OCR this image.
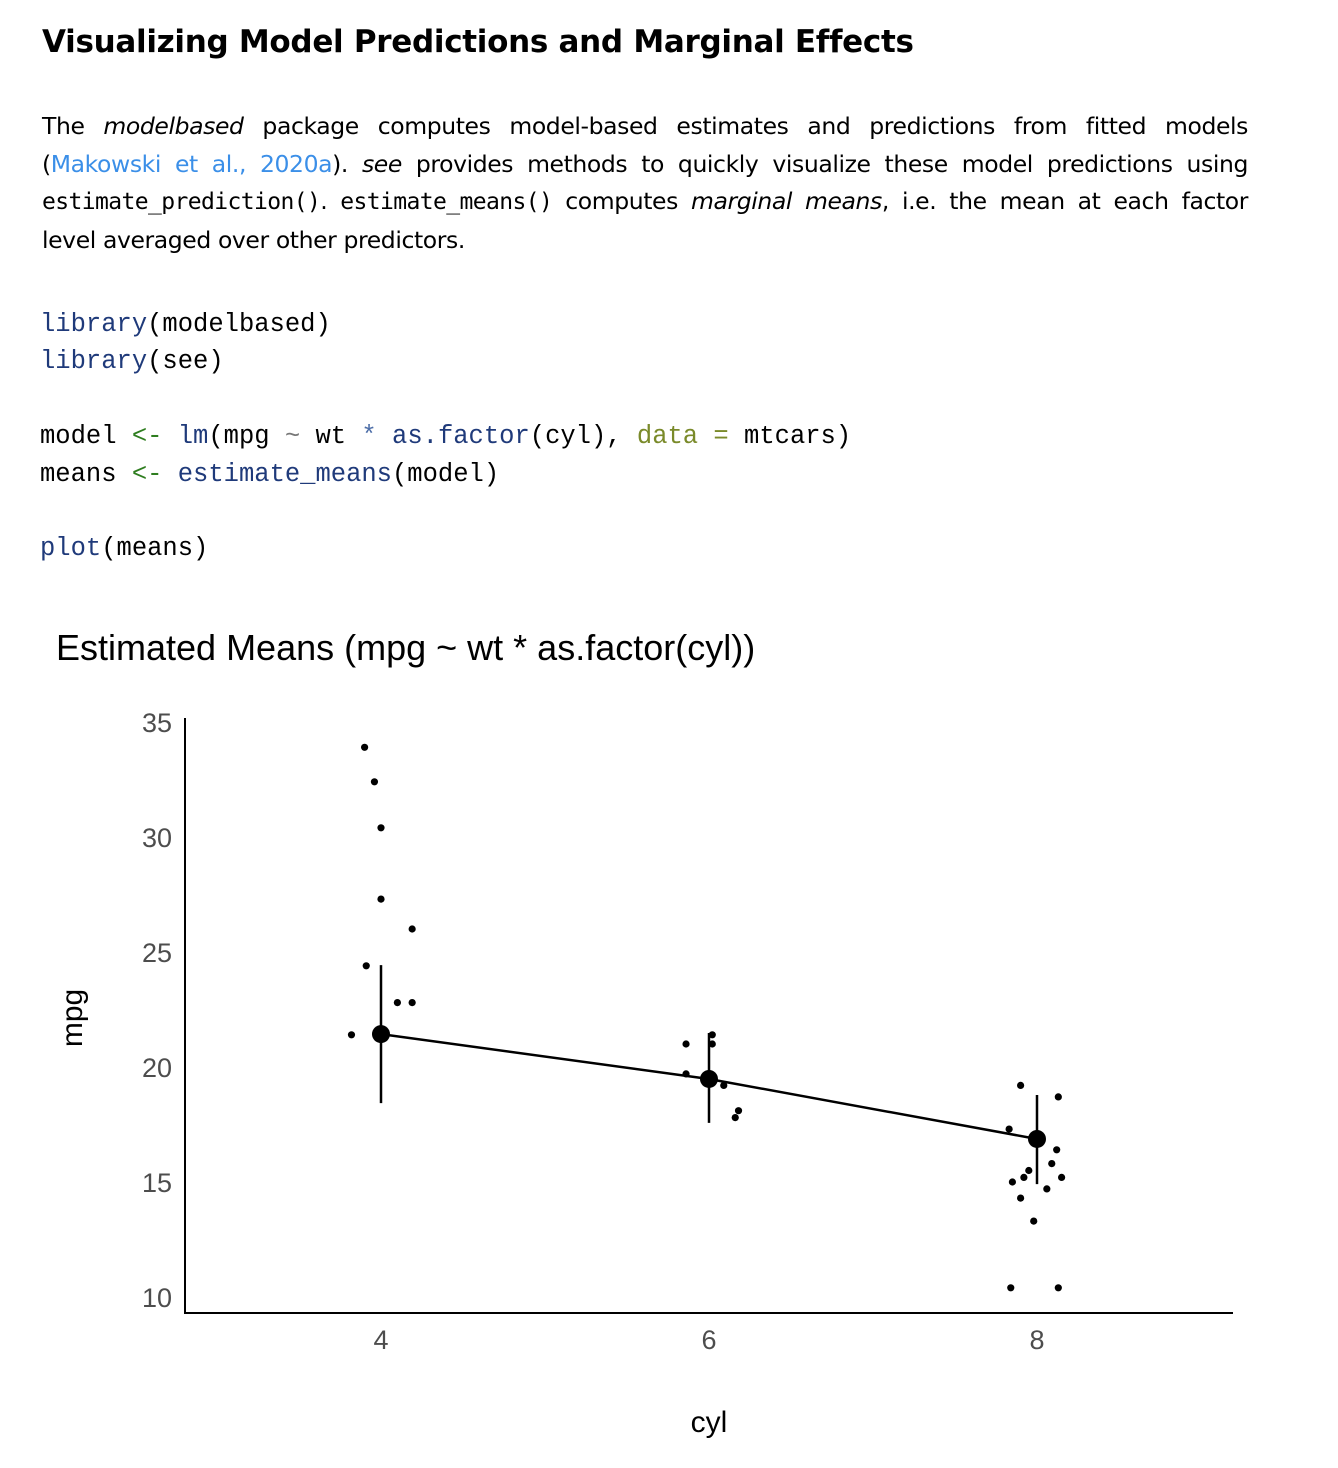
Visualizing Model Predictions and Marginal Effects

The modelbased package computes model-based estimates and predictions from fitted models (Makowski et al., 2020a). see provides methods to quickly visualize these model predictions using estimate_prediction(). estimate_means() computes marginal means, i.e. the mean at each factor level averaged over other predictors.

library(modelbased)
library(see)

model <- lm(mpg ~ wt * as.factor(cyl), data = mtcars)
means <- estimate_means(model)

plot(means)
Estimated Means (mpg ~ wt * as.factor(cyl))
10
15
20
25
30
35
4	6	8
mpg
cyl
